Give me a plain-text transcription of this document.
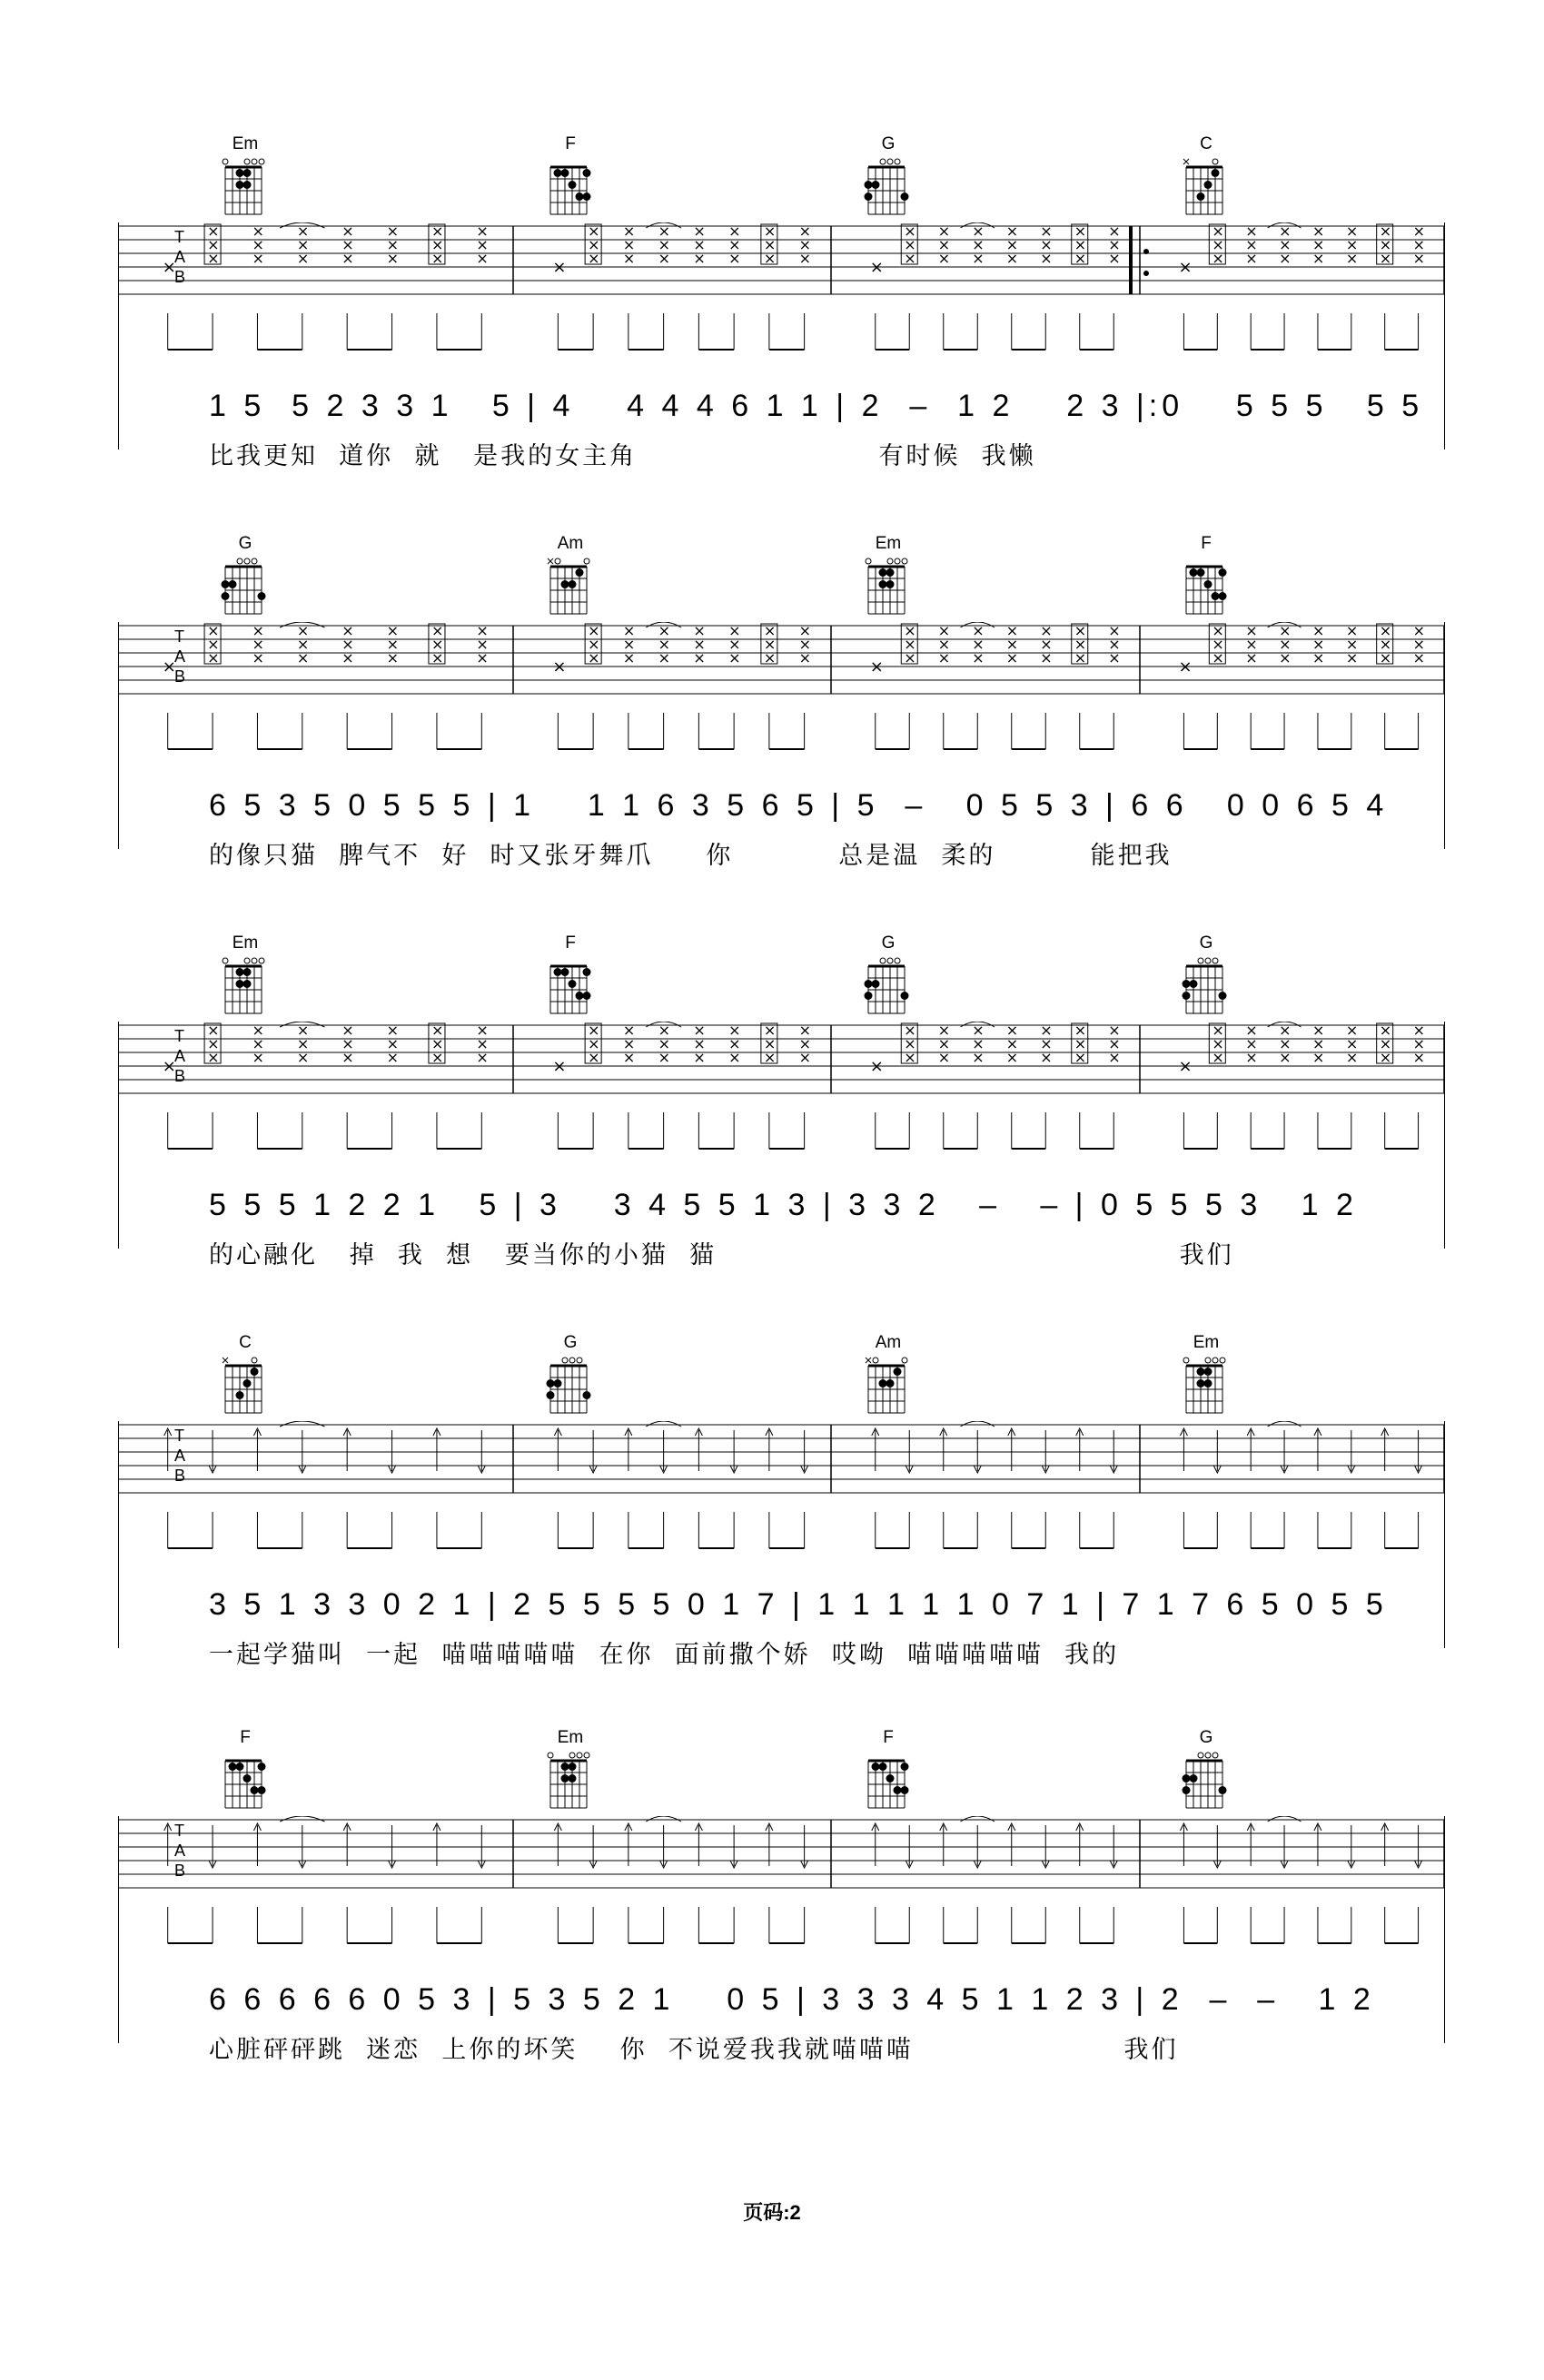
Em	F	G	C
T
A
B
×
×
×
×
×
×
×
×
×
×
×
×
×
×
×
×
×
×
×
×
×
×	×
×
×
×
×
×
×
×
×
×
×
×
×
×
×
×
×
×
×
×
×
×	×
×
×
×
×
×
×
×
×
×
×
×
×
×
×
×
×
×
×
×
×
×	×
×
×
×
×
×
×
×
×
×
×
×
×
×
×
×
×
×
×
×
×
×
1 5  5 2 3 3 1   5 | 4    4 4 4 6 1 1 | 2  –  1 2    2 3 |:0    5 5 5   5 5
比我更知  道你  就   是我的女主角                       有时候  我懒
G	Am	Em	F
T
A
B
×
×
×
×
×
×
×
×
×
×
×
×
×
×
×
×
×
×
×
×
×
×	×
×
×
×
×
×
×
×
×
×
×
×
×
×
×
×
×
×
×
×
×
×	×
×
×
×
×
×
×
×
×
×
×
×
×
×
×
×
×
×
×
×
×
×	×
×
×
×
×
×
×
×
×
×
×
×
×
×
×
×
×
×
×
×
×
×
6 5 3 5 0 5 5 5 | 1    1 1 6 3 5 6 5 | 5  –   0 5 5 3 | 6 6   0 0 6 5 4
的像只猫  脾气不  好  时又张牙舞爪     你          总是温  柔的         能把我
Em	F	G	G
T
A
B
×
×
×
×
×
×
×
×
×
×
×
×
×
×
×
×
×
×
×
×
×
×	×
×
×
×
×
×
×
×
×
×
×
×
×
×
×
×
×
×
×
×
×
×	×
×
×
×
×
×
×
×
×
×
×
×
×
×
×
×
×
×
×
×
×
×	×
×
×
×
×
×
×
×
×
×
×
×
×
×
×
×
×
×
×
×
×
×
5 5 5 1 2 2 1   5 | 3    3 4 5 5 1 3 | 3 3 2   –   – | 0 5 5 5 3   1 2
的心融化   掉  我  想   要当你的小猫  猫                                            我们
C	G	Am	Em
T
A
B
3 5 1 3 3 0 2 1 | 2 5 5 5 5 0 1 7 | 1 1 1 1 1 0 7 1 | 7 1 7 6 5 0 5 5
一起学猫叫  一起  喵喵喵喵喵  在你  面前撒个娇  哎呦  喵喵喵喵喵  我的
F	Em	F	G
T
A
B
6 6 6 6 6 0 5 3 | 5 3 5 2 1    0 5 | 3 3 3 4 5 1 1 2 3 | 2  –  –   1 2
心脏砰砰跳  迷恋  上你的坏笑    你  不说爱我我就喵喵喵                    我们
页码:2
